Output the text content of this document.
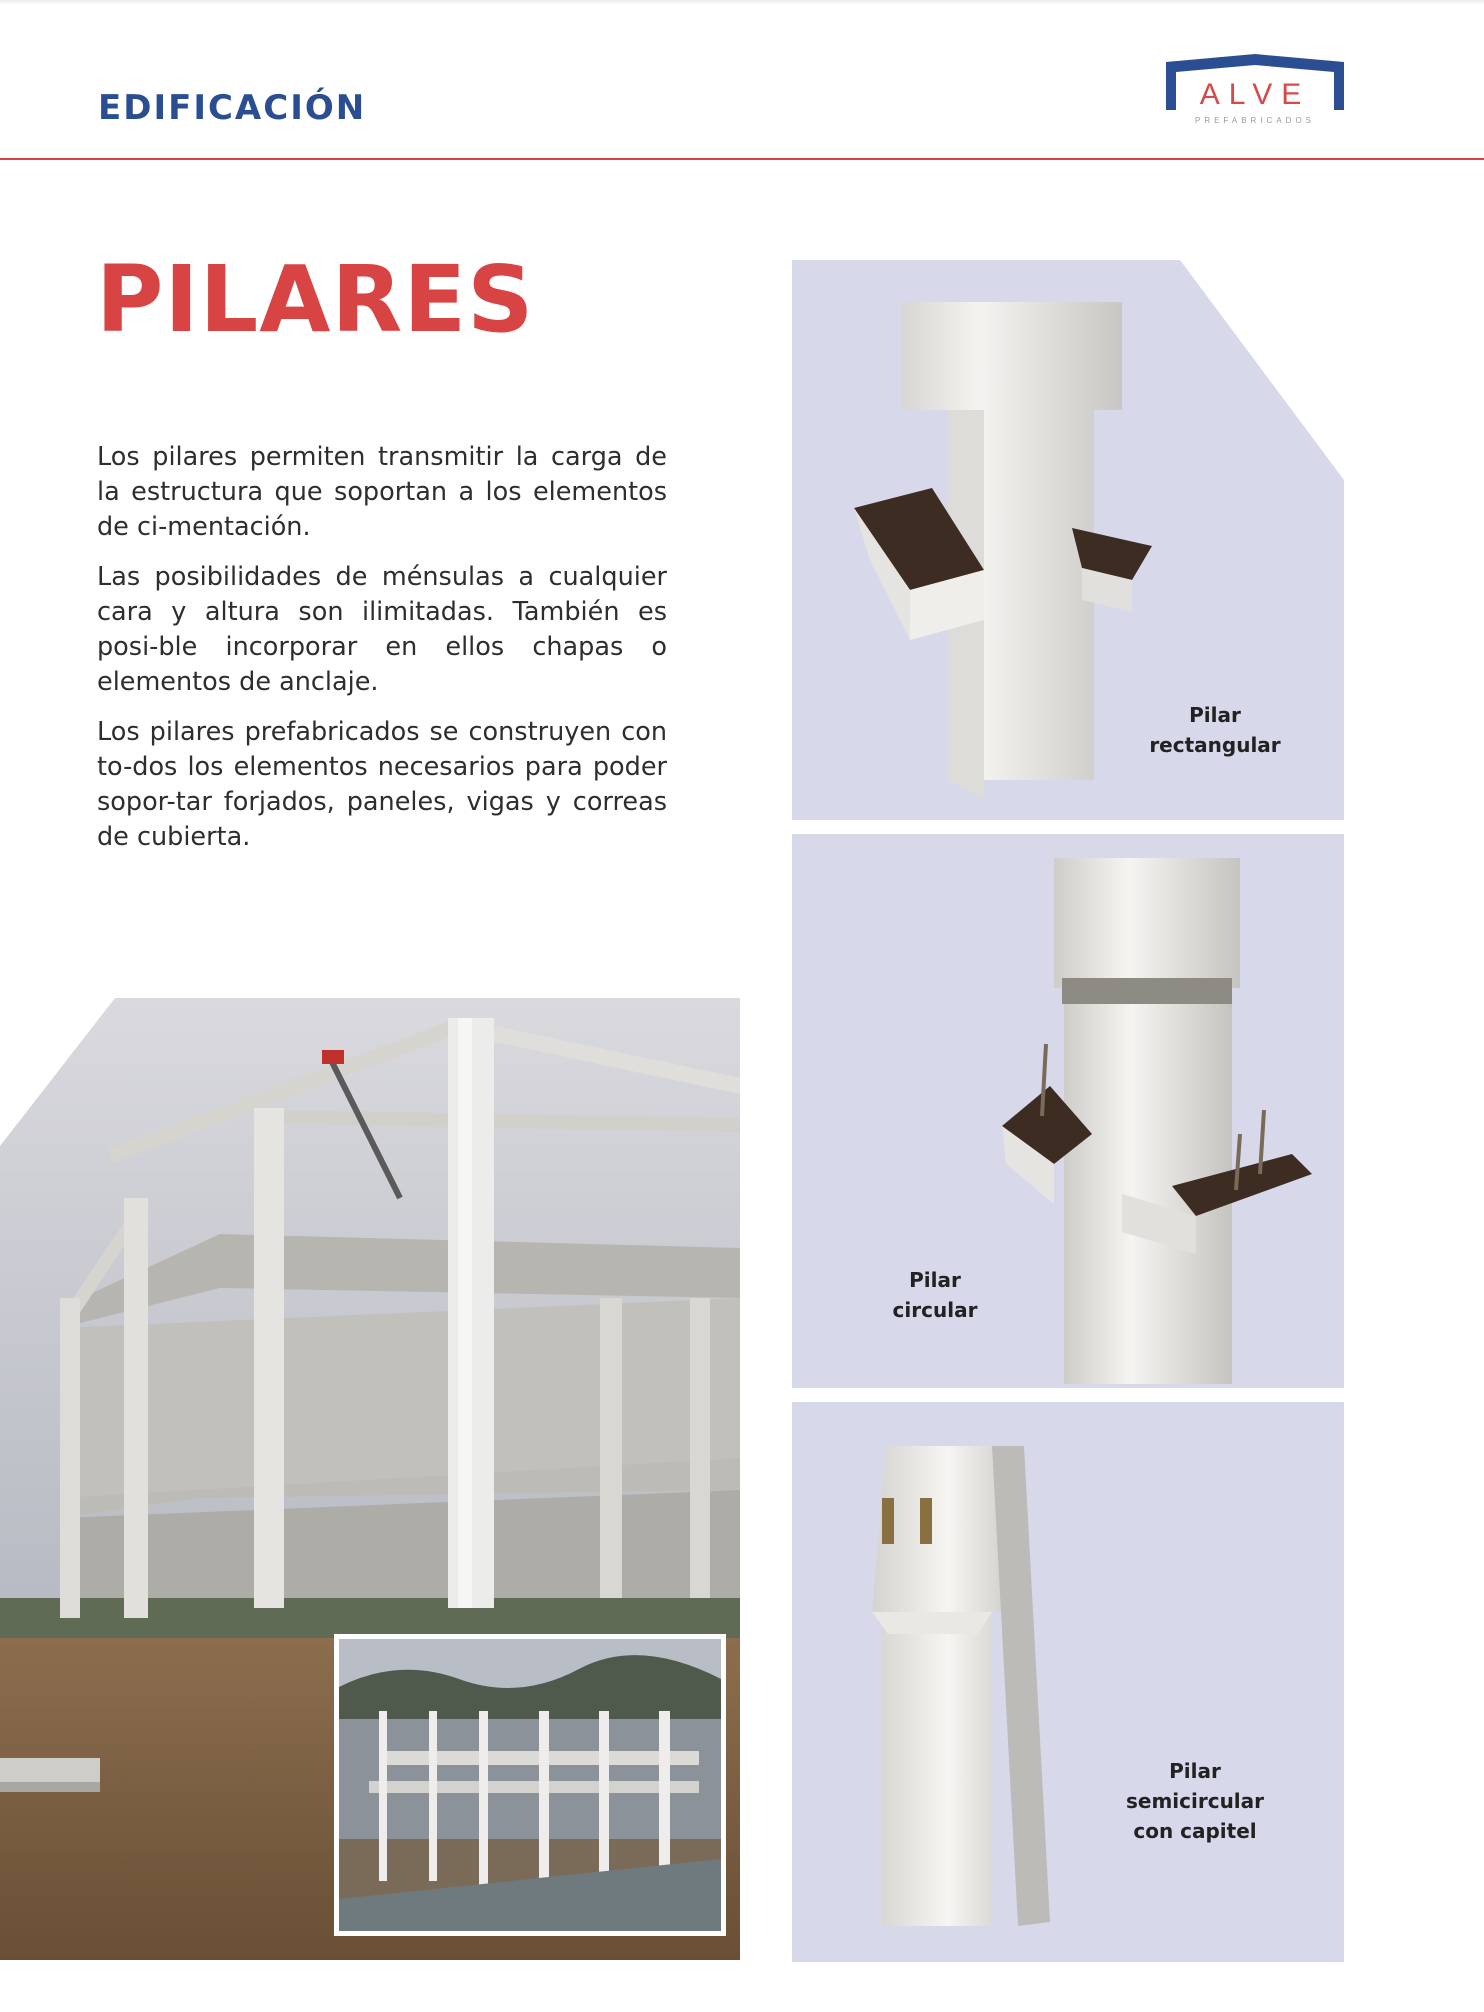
EDIFICACIÓN	ALVE
PREFABRICADOS
PILARES

Los pilares permiten transmitir la carga de la estructura que soportan a los elementos de ci-mentación.

Las posibilidades de ménsulas a cualquier cara y altura son ilimitadas. También es posi-ble incorporar en ellos chapas o elementos de anclaje.

Los pilares prefabricados se construyen con to-dos los elementos necesarios para poder sopor-tar forjados, paneles, vigas y correas de cubierta.

Pilar
rectangular
Pilar
circular
Pilar
semicircular
con capitel
